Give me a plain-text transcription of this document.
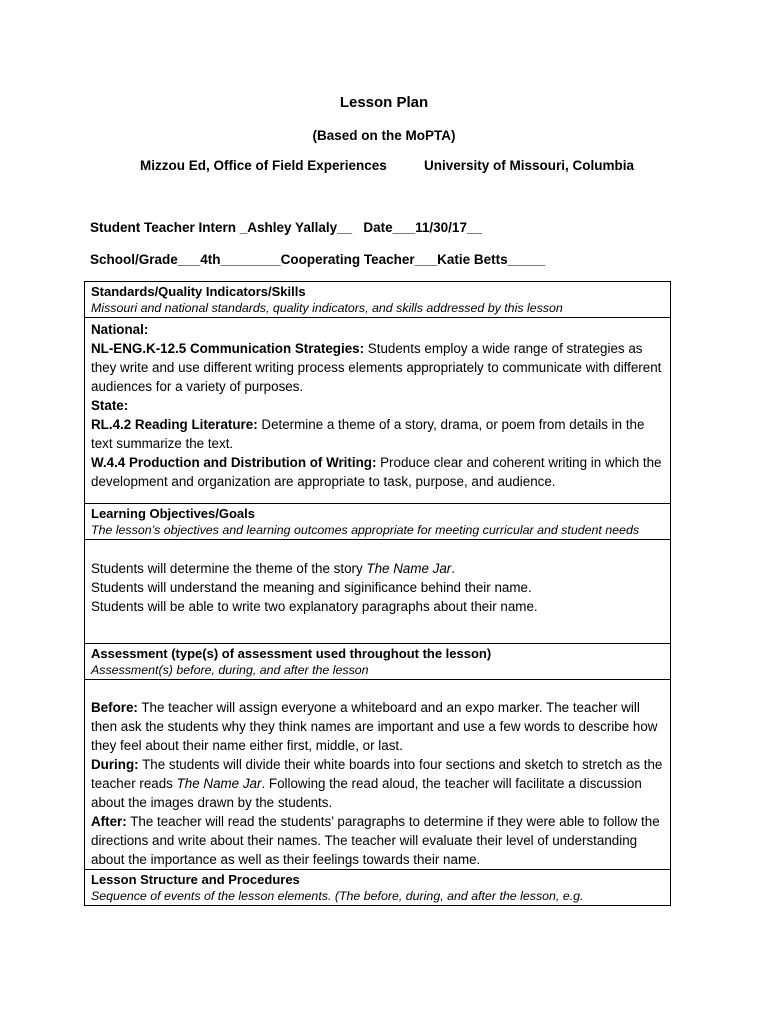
Lesson Plan
(Based on the MoPTA)
Mizzou Ed, Office of Field Experiences	University of Missouri, Columbia
Student Teacher Intern _Ashley Yallaly__   Date___11/30/17__
School/Grade___4th________Cooperating Teacher___Katie Betts_____
Standards/Quality Indicators/Skills
Missouri and national standards, quality indicators, and skills addressed by this lesson

National:
NL-ENG.K-12.5 Communication Strategies: Students employ a wide range of strategies as they write and use different writing process elements appropriately to communicate with different audiences for a variety of purposes.
State:
RL.4.2 Reading Literature: Determine a theme of a story, drama, or poem from details in the text summarize the text.
W.4.4 Production and Distribution of Writing: Produce clear and coherent writing in which the development and organization are appropriate to task, purpose, and audience.

Learning Objectives/Goals
The lesson’s objectives and learning outcomes appropriate for meeting curricular and student needs

Students will determine the theme of the story The Name Jar.
Students will understand the meaning and siginificance behind their name.
Students will be able to write two explanatory paragraphs about their name.

Assessment (type(s) of assessment used throughout the lesson)
Assessment(s) before, during, and after the lesson

Before: The teacher will assign everyone a whiteboard and an expo marker. The teacher will then ask the students why they think names are important and use a few words to describe how they feel about their name either first, middle, or last.
During: The students will divide their white boards into four sections and sketch to stretch as the teacher reads The Name Jar. Following the read aloud, the teacher will facilitate a discussion about the images drawn by the students.
After: The teacher will read the students’ paragraphs to determine if they were able to follow the directions and write about their names. The teacher will evaluate their level of understanding about the importance as well as their feelings towards their name.

Lesson Structure and Procedures
Sequence of events of the lesson elements. (The before, during, and after the lesson, e.g.
